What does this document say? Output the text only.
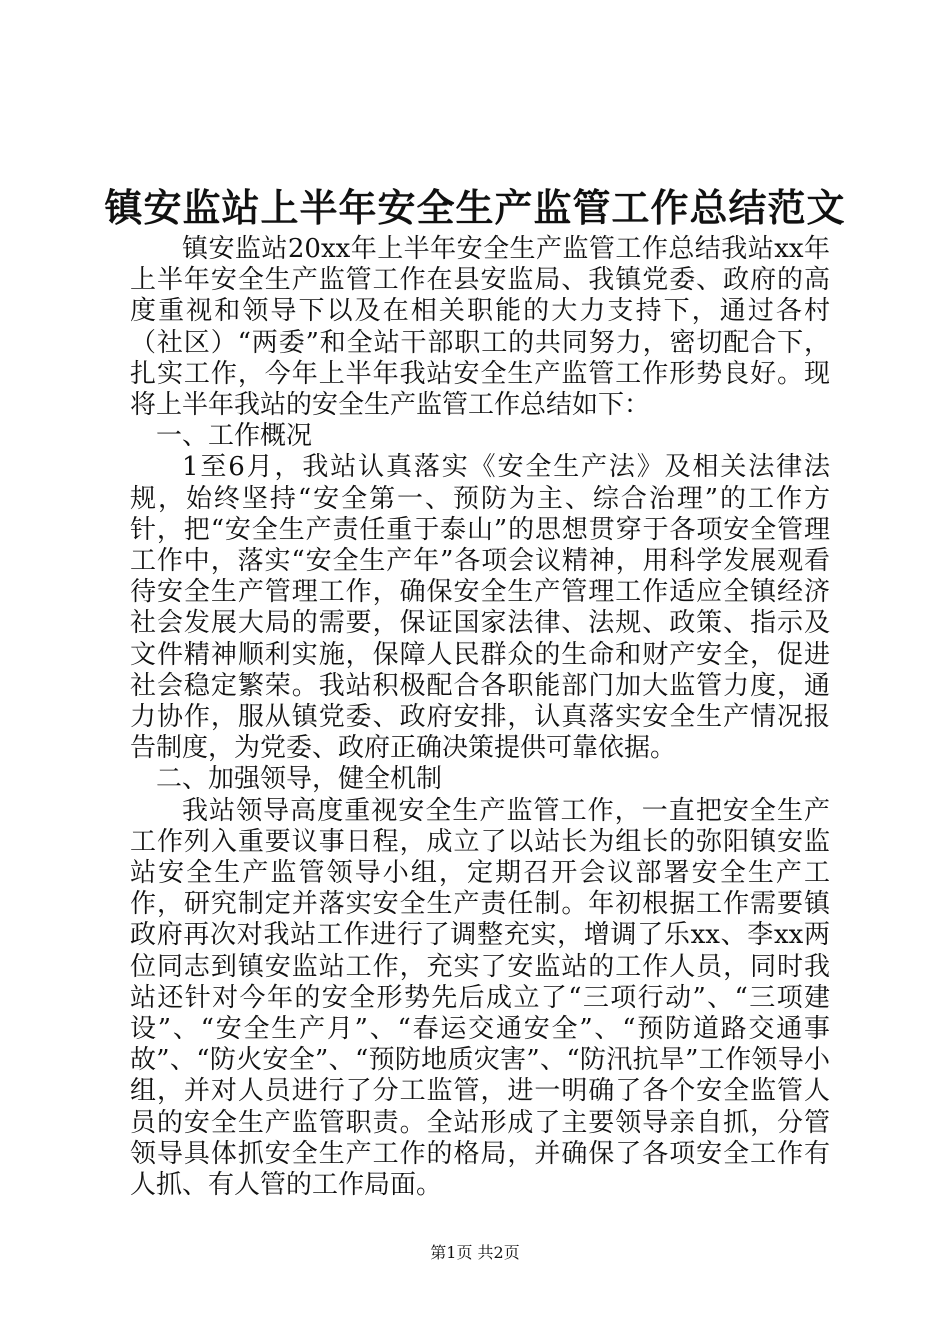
镇安监站上半年安全生产监管工作总结范文

镇安监站20xx年上半年安全生产监管工作总结我站xx年上半年安全生产监管工作在县安监局、我镇党委、政府的高度重视和领导下以及在相关职能的大力支持下，通过各村（社区）“两委”和全站干部职工的共同努力，密切配合下，扎实工作，今年上半年我站安全生产监管工作形势良好。现将上半年我站的安全生产监管工作总结如下：

一、工作概况

1至6月，我站认真落实《安全生产法》及相关法律法规，始终坚持“安全第一、预防为主、综合治理”的工作方针，把“安全生产责任重于泰山”的思想贯穿于各项安全管理工作中，落实“安全生产年”各项会议精神，用科学发展观看待安全生产管理工作，确保安全生产管理工作适应全镇经济社会发展大局的需要，保证国家法律、法规、政策、指示及文件精神顺利实施，保障人民群众的生命和财产安全，促进社会稳定繁荣。我站积极配合各职能部门加大监管力度，通力协作，服从镇党委、政府安排，认真落实安全生产情况报告制度，为党委、政府正确决策提供可靠依据。

二、加强领导，健全机制

我站领导高度重视安全生产监管工作，一直把安全生产工作列入重要议事日程，成立了以站长为组长的弥阳镇安监站安全生产监管领导小组，定期召开会议部署安全生产工作，研究制定并落实安全生产责任制。年初根据工作需要镇政府再次对我站工作进行了调整充实，增调了乐xx、李xx两位同志到镇安监站工作，充实了安监站的工作人员，同时我站还针对今年的安全形势先后成立了“三项行动”、“三项建设”、“安全生产月”、“春运交通安全”、“预防道路交通事故”、“防火安全”、“预防地质灾害”、“防汛抗旱”工作领导小组，并对人员进行了分工监管，进一明确了各个安全监管人员的安全生产监管职责。全站形成了主要领导亲自抓，分管领导具体抓安全生产工作的格局，并确保了各项安全工作有人抓、有人管的工作局面。

第1页 共2页
